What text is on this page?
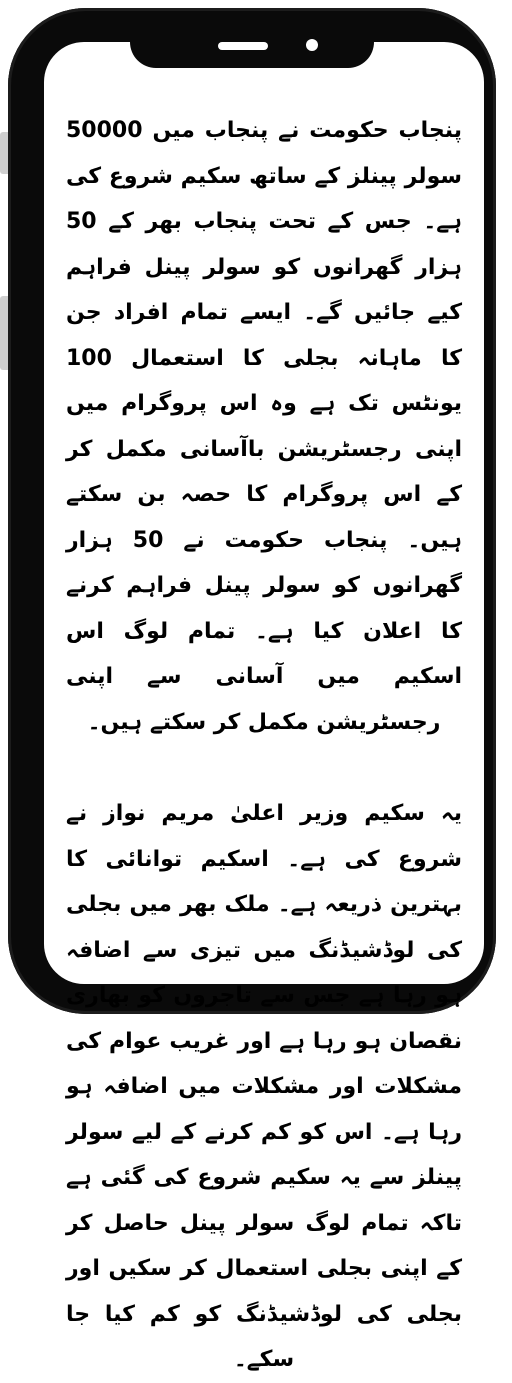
پنجاب حکومت نے پنجاب میں 50000 سولر پینلز کے ساتھ سکیم شروع کی ہے۔ جس کے تحت پنجاب بھر کے 50 ہزار گھرانوں کو سولر پینل فراہم کیے جائیں گے۔ ایسے تمام افراد جن کا ماہانہ بجلی کا استعمال 100 یونٹس تک ہے وہ اس پروگرام میں اپنی رجسٹریشن باآسانی مکمل کر کے اس پروگرام کا حصہ بن سکتے ہیں۔ پنجاب حکومت نے 50 ہزار گھرانوں کو سولر پینل فراہم کرنے کا اعلان کیا ہے۔ تمام لوگ اس اسکیم میں آسانی سے اپنی رجسٹریشن مکمل کر سکتے ہیں۔

یہ سکیم وزیر اعلیٰ مریم نواز نے شروع کی ہے۔ اسکیم توانائی کا بہترین ذریعہ ہے۔ ملک بھر میں بجلی کی لوڈشیڈنگ میں تیزی سے اضافہ ہو رہا ہے جس سے تاجروں کو بھاری نقصان ہو رہا ہے اور غریب عوام کی مشکلات اور مشکلات میں اضافہ ہو رہا ہے۔ اس کو کم کرنے کے لیے سولر پینلز سے یہ سکیم شروع کی گئی ہے تاکہ تمام لوگ سولر پینل حاصل کر کے اپنی بجلی استعمال کر سکیں اور بجلی کی لوڈشیڈنگ کو کم کیا جا سکے۔
